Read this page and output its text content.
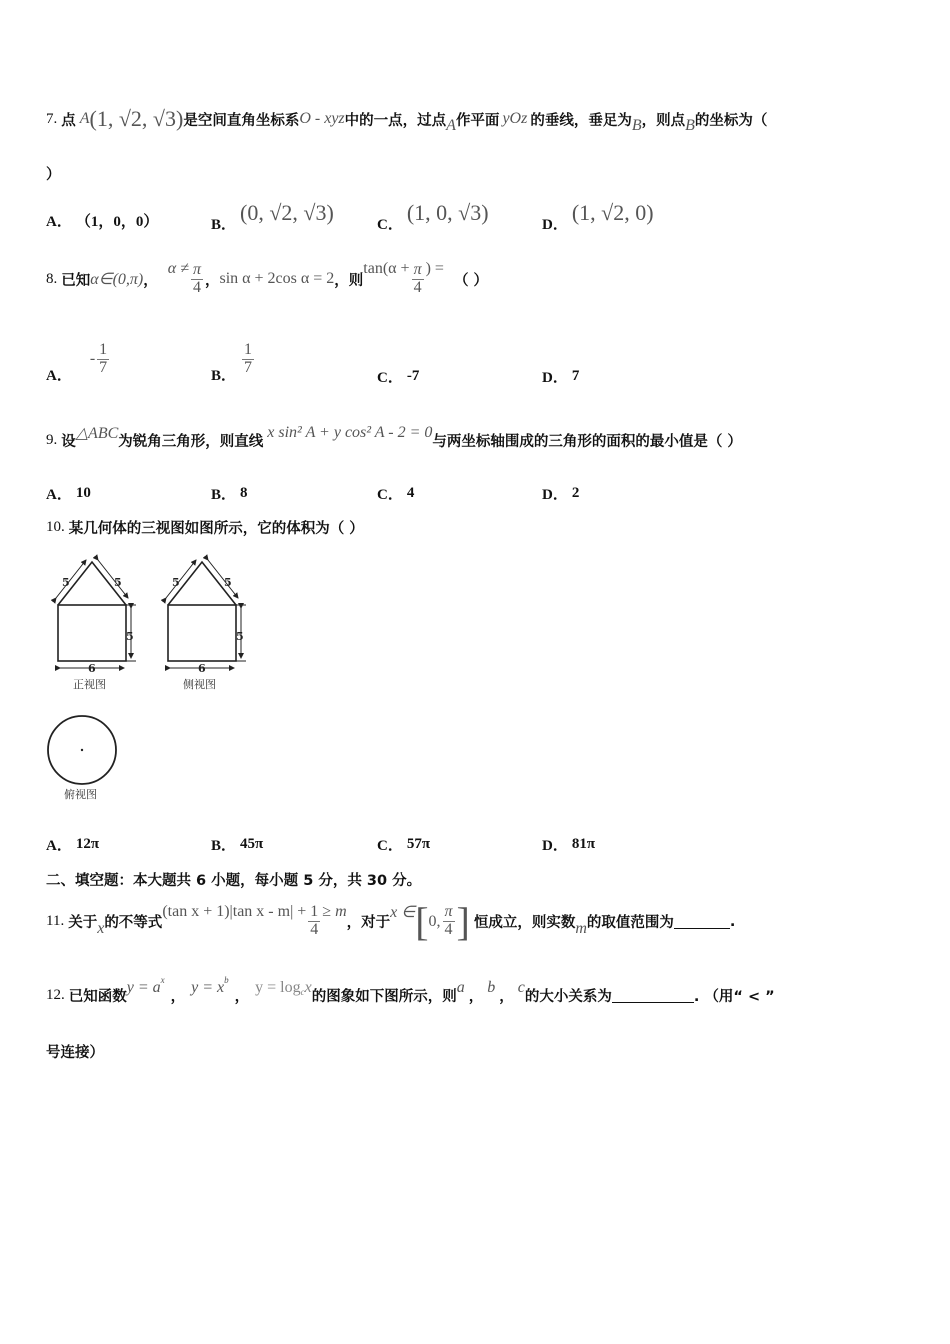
7. 点 A (1, √2, √3) 是空间直角坐标系 O - xyz 中的一点，过点 A 作平面 yOz 的垂线，垂足为 B ，则点 B 的坐标为（
）
A． （1，0，0）	B． (0, √2, √3)	C． (1, 0, √3)	D． (1, √2, 0)
8. 已知 α∈(0,π) ，
$\alpha \ne \frac{\pi}{4}$ ， sin α + 2cos α = 2 ，则
$\tan(\alpha + \frac{\pi}{4}$ ) =
（ ）
A．
- $\frac{1}{7}$	B． $\frac{1}{7}$
C． -7	D． 7
9. 设
△ABC
为锐角三角形，则直线
x sin² A + y cos² A - 2 = 0
与两坐标轴围成的三角形的面积的最小值是（ ）
A． 10	B． 8	C． 4	D． 2
10. 某几何体的三视图如图所示，它的体积为（ ）
5	5
5
6
正视图
5	5
5
6
侧视图
俯视图
A． 12π	B． 45π	C． 57π	D． 81π
二、填空题：本大题共 6 小题，每小题 5 分，共 30 分。
11. 关于 x 的不等式
(tan x + 1)|tan $x - m| + \frac{1}{4} \ge m$
，对于
x ∈ [ 0, $\frac{\pi}{4}$ ] 恒成立，则实数 m 的取值范围为	.
12. 已知函数
y = a x
，
y = x b
，
y = log c x
的图象如下图所示，则
a
，
b
，
c
的大小关系为	. （用“ < ”
号连接）
